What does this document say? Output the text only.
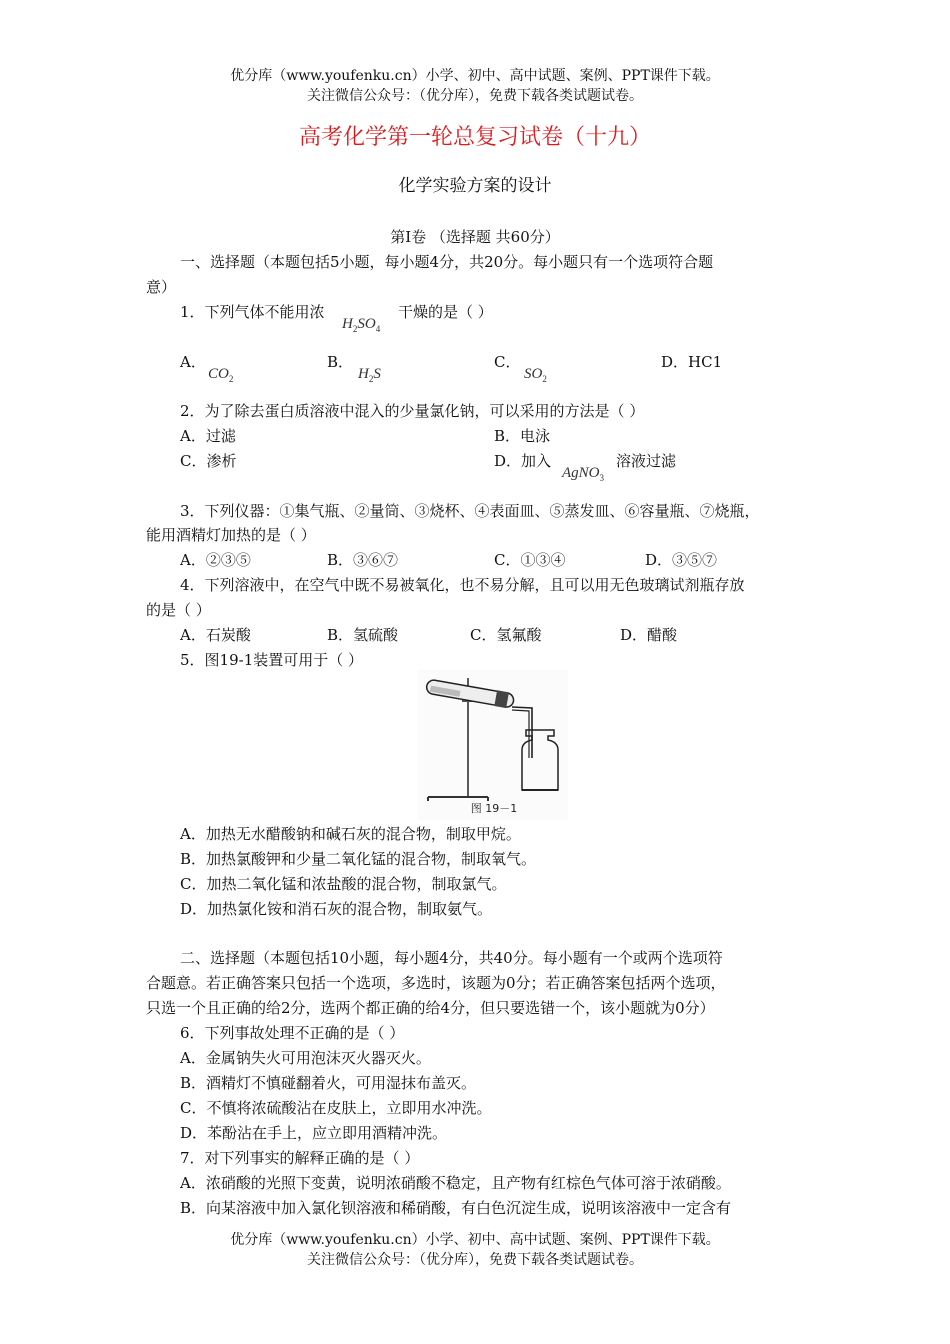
优分库（www.youfenku.cn）小学、初中、高中试题、案例、PPT课件下载。
关注微信公众号：（优分库），免费下载各类试题试卷。
高考化学第一轮总复习试卷（十九）
化学实验方案的设计
第Ⅰ卷 （选择题 共60分）
一、选择题（本题包括5小题，每小题4分，共20分。每小题只有一个选项符合题
意）
1．下列气体不能用浓
$H_2SO_4$
干燥的是（ ）
A．
$CO_2$
B．
$H_2S$
C．
$SO_2$
D．HC1
2．为了除去蛋白质溶液中混入的少量氯化钠，可以采用的方法是（ ）
A．过滤	B．电泳
C．渗析	D．加入
AgNO$_3$
溶液过滤
3．下列仪器：①集气瓶、②量筒、③烧杯、④表面皿、⑤蒸发皿、⑥容量瓶、⑦烧瓶，
能用酒精灯加热的是（ ）
A．②③⑤	B．③⑥⑦	C．①③④	D．③⑤⑦
4．下列溶液中，在空气中既不易被氧化，也不易分解，且可以用无色玻璃试剂瓶存放
的是（ ）
A．石炭酸	B．氢硫酸	C．氢氟酸	D．醋酸
5．图19-1装置可用于（ ）
图 19－1
A．加热无水醋酸钠和碱石灰的混合物，制取甲烷。
B．加热氯酸钾和少量二氧化锰的混合物，制取氧气。
C．加热二氧化锰和浓盐酸的混合物，制取氯气。
D．加热氯化铵和消石灰的混合物，制取氨气。
二、选择题（本题包括10小题，每小题4分，共40分。每小题有一个或两个选项符
合题意。若正确答案只包括一个选项，多选时，该题为0分；若正确答案包括两个选项，
只选一个且正确的给2分，选两个都正确的给4分，但只要选错一个，该小题就为0分）
6．下列事故处理不正确的是（ ）
A．金属钠失火可用泡沫灭火器灭火。
B．酒精灯不慎碰翻着火，可用湿抹布盖灭。
C．不慎将浓硫酸沾在皮肤上，立即用水冲洗。
D．苯酚沾在手上，应立即用酒精冲洗。
7．对下列事实的解释正确的是（ ）
A．浓硝酸的光照下变黄，说明浓硝酸不稳定，且产物有红棕色气体可溶于浓硝酸。
B．向某溶液中加入氯化钡溶液和稀硝酸，有白色沉淀生成，说明该溶液中一定含有
优分库（www.youfenku.cn）小学、初中、高中试题、案例、PPT课件下载。
关注微信公众号：（优分库），免费下载各类试题试卷。
